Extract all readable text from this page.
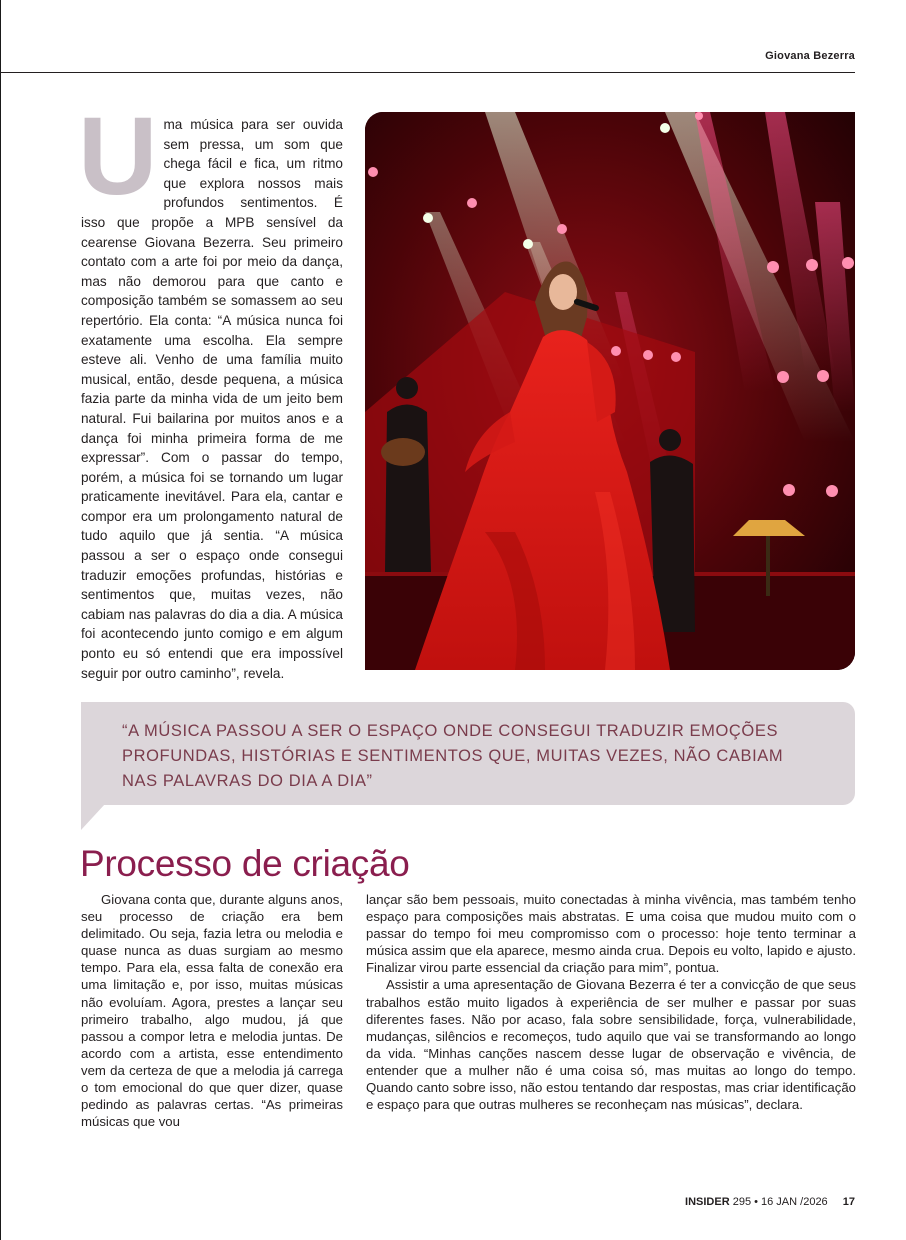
Giovana Bezerra
Uma música para ser ouvida sem pressa, um som que chega fácil e fica, um ritmo que explora nossos mais profundos sentimentos. É isso que propõe a MPB sensível da cearense Giovana Bezerra. Seu primeiro contato com a arte foi por meio da dança, mas não demorou para que canto e composição também se somassem ao seu repertório. Ela conta: “A música nunca foi exatamente uma escolha. Ela sempre esteve ali. Venho de uma família muito musical, então, desde pequena, a música fazia parte da minha vida de um jeito bem natural. Fui bailarina por muitos anos e a dança foi minha primeira forma de me expressar”. Com o passar do tempo, porém, a música foi se tornando um lugar praticamente inevitável. Para ela, cantar e compor era um prolongamento natural de tudo aquilo que já sentia. “A música passou a ser o espaço onde consegui traduzir emoções profundas, histórias e sentimentos que, muitas vezes, não cabiam nas palavras do dia a dia. A música foi acontecendo junto comigo e em algum ponto eu só entendi que era impossível seguir por outro caminho”, revela.
“A MÚSICA PASSOU A SER O ESPAÇO ONDE CONSEGUI TRADUZIR EMOÇÕES PROFUNDAS, HISTÓRIAS E SENTIMENTOS QUE, MUITAS VEZES, NÃO CABIAM NAS PALAVRAS DO DIA A DIA”
Processo de criação

Giovana conta que, durante alguns anos, seu processo de criação era bem delimitado. Ou seja, fazia letra ou melodia e quase nunca as duas surgiam ao mesmo tempo. Para ela, essa falta de conexão era uma limitação e, por isso, muitas músicas não evoluíam. Agora, prestes a lançar seu primeiro trabalho, algo mudou, já que passou a compor letra e melodia juntas. De acordo com a artista, esse entendimento vem da certeza de que a melodia já carrega o tom emocional do que quer dizer, quase pedindo as palavras certas. “As primeiras músicas que vou

lançar são bem pessoais, muito conectadas à minha vivência, mas também tenho espaço para composições mais abstratas. E uma coisa que mudou muito com o passar do tempo foi meu compromisso com o processo: hoje tento terminar a música assim que ela aparece, mesmo ainda crua. Depois eu volto, lapido e ajusto. Finalizar virou parte essencial da criação para mim”, pontua.

Assistir a uma apresentação de Giovana Bezerra é ter a convicção de que seus trabalhos estão muito ligados à experiência de ser mulher e passar por suas diferentes fases. Não por acaso, fala sobre sensibilidade, força, vulnerabilidade, mudanças, silêncios e recomeços, tudo aquilo que vai se transformando ao longo da vida. “Minhas canções nascem desse lugar de observação e vivência, de entender que a mulher não é uma coisa só, mas muitas ao longo do tempo. Quando canto sobre isso, não estou tentando dar respostas, mas criar identificação e espaço para que outras mulheres se reconheçam nas músicas”, declara.

INSIDER 295 • 16 JAN /2026 17
